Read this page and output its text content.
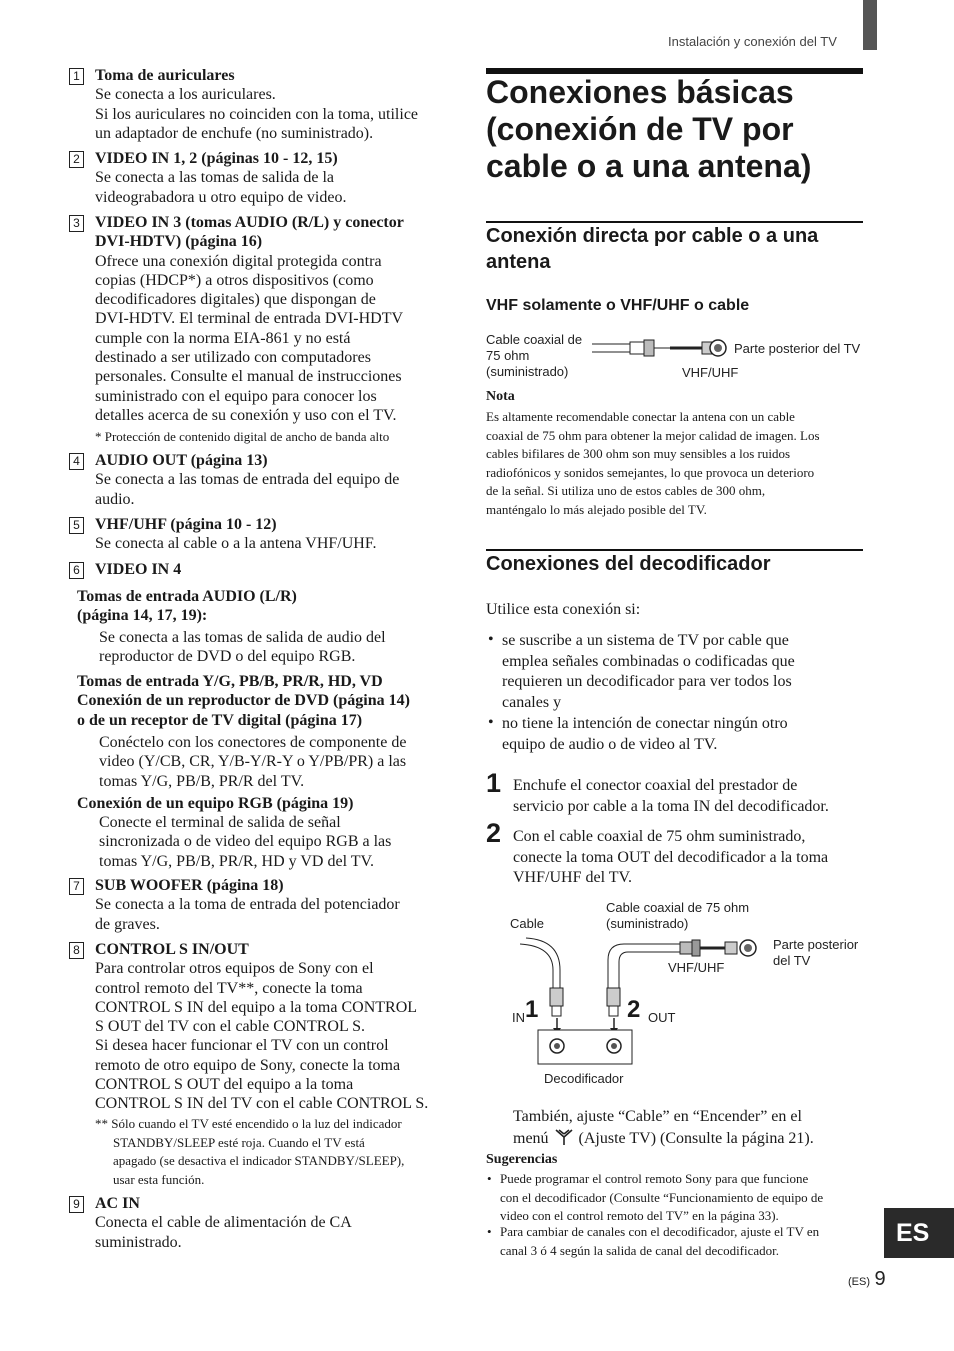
Instalación y conexión del TV
1 Toma de auriculares
Se conecta a los auriculares.
Si los auriculares no coinciden con la toma, utilice
un adaptador de enchufe (no suministrado).
2 VIDEO IN 1, 2 (páginas 10 - 12, 15)
Se conecta a las tomas de salida de la
videograbadora u otro equipo de video.
3 VIDEO IN 3 (tomas AUDIO (R/L) y conector
DVI-HDTV) (página 16)
Ofrece una conexión digital protegida contra
copias (HDCP*) a otros dispositivos (como
decodificadores digitales) que dispongan de
DVI-HDTV. El terminal de entrada DVI-HDTV
cumple con la norma EIA-861 y no está
destinado a ser utilizado con computadores
personales. Consulte el manual de instrucciones
suministrado con el equipo para conocer los
detalles acerca de su conexión y uso con el TV.
* Protección de contenido digital de ancho de banda alto
4 AUDIO OUT (página 13)
Se conecta a las tomas de entrada del equipo de
audio.
5 VHF/UHF (página 10 - 12)
Se conecta al cable o a la antena VHF/UHF.
6 VIDEO IN 4
Tomas de entrada AUDIO (L/R)
(página 14, 17, 19):
Se conecta a las tomas de salida de audio del
reproductor de DVD o del equipo RGB.
Tomas de entrada Y/G, PB/B, PR/R, HD, VD
Conexión de un reproductor de DVD (página 14)
o de un receptor de TV digital (página 17)
Conéctelo con los conectores de componente de
video (Y/CB, CR, Y/B-Y/R-Y o Y/PB/PR) a las
tomas Y/G, PB/B, PR/R del TV.
Conexión de un equipo RGB (página 19)
Conecte el terminal de salida de señal
sincronizada o de video del equipo RGB a las
tomas Y/G, PB/B, PR/R, HD y VD del TV.
7 SUB WOOFER (página 18)
Se conecta a la toma de entrada del potenciador
de graves.
8 CONTROL S IN/OUT
Para controlar otros equipos de Sony con el
control remoto del TV**, conecte la toma
CONTROL S IN del equipo a la toma CONTROL
S OUT del TV con el cable CONTROL S.
Si desea hacer funcionar el TV con un control
remoto de otro equipo de Sony, conecte la toma
CONTROL S OUT del equipo a la toma
CONTROL S IN del TV con el cable CONTROL S.
** Sólo cuando el TV esté encendido o la luz del indicador
STANDBY/SLEEP esté roja. Cuando el TV está
apagado (se desactiva el indicador STANDBY/SLEEP),
usar esta función.
9 AC IN
Conecta el cable de alimentación de CA
suministrado.
Conexiones básicas
(conexión de TV por
cable o a una antena)
Conexión directa por cable o a una
antena
VHF solamente o VHF/UHF o cable
Cable coaxial de
75 ohm
(suministrado)
Parte posterior del TV
VHF/UHF
Nota
Es altamente recomendable conectar la antena con un cable
coaxial de 75 ohm para obtener la mejor calidad de imagen. Los
cables bifilares de 300 ohm son muy sensibles a los ruidos
radiofónicos y sonidos semejantes, lo que provoca un deterioro
de la señal. Si utiliza uno de estos cables de 300 ohm,
manténgalo lo más alejado posible del TV.
Conexiones del decodificador
Utilice esta conexión si:
• se suscribe a un sistema de TV por cable que
emplea señales combinadas o codificadas que
requieren un decodificador para ver todos los
canales y
• no tiene la intención de conectar ningún otro
equipo de audio o de video al TV.
1 Enchufe el conector coaxial del prestador de
servicio por cable a la toma IN del decodificador.
2 Con el cable coaxial de 75 ohm suministrado,
conecte la toma OUT del decodificador a la toma
VHF/UHF del TV.
Cable
Cable coaxial de 75 ohm
(suministrado)
Parte posterior
del TV
VHF/UHF
IN 1	2 OUT
Decodificador
También, ajuste “Cable” en “Encender” en el
menú (Ajuste TV) (Consulte la página 21).
Sugerencias
• Puede programar el control remoto Sony para que funcione
con el decodificador (Consulte “Funcionamiento de equipo de
video con el control remoto del TV” en la página 33).
• Para cambiar de canales con el decodificador, ajuste el TV en
canal 3 ó 4 según la salida de canal del decodificador.
ES
(ES) 9
